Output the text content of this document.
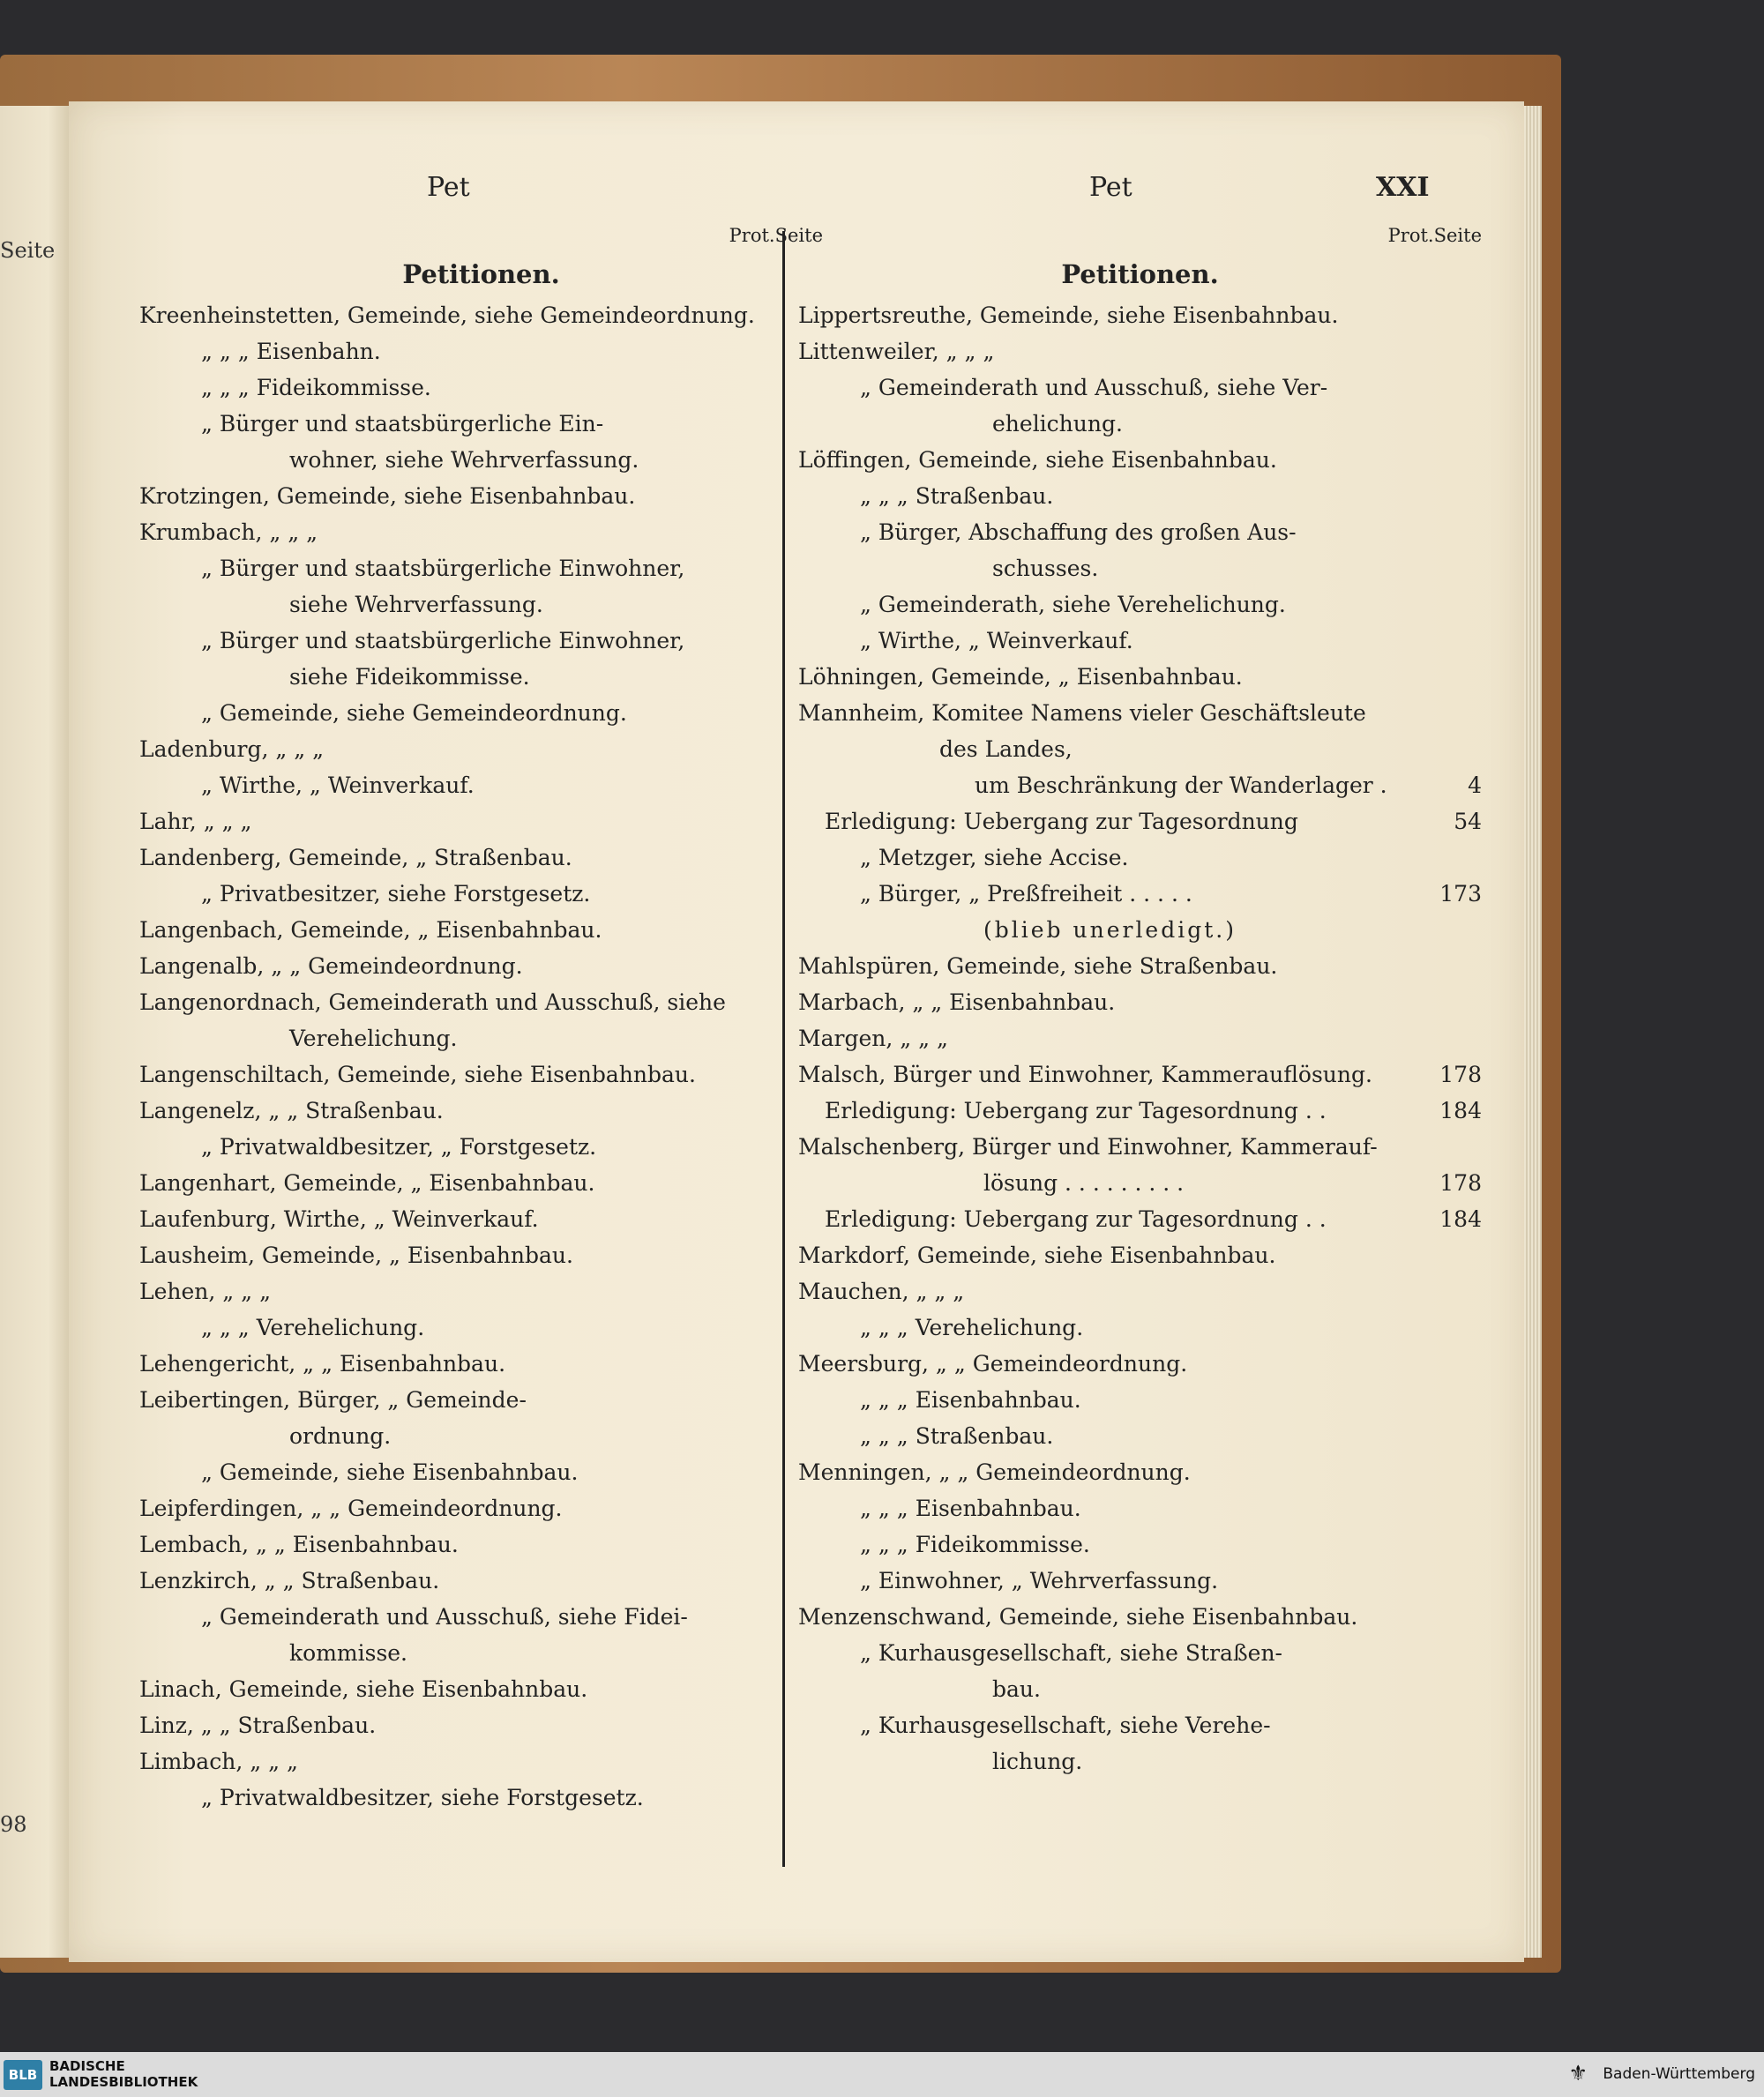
Seite
98
Pet	Pet	XXI
Prot.Seite
Petitionen.
Kreenheinstetten, Gemeinde, siehe Gemeindeordnung.
„ „ „ Eisenbahn.
„ „ „ Fideikommisse.
„ Bürger und staatsbürgerliche Ein-
wohner, siehe Wehrverfassung.
Krotzingen, Gemeinde, siehe Eisenbahnbau.
Krumbach, „ „ „
„ Bürger und staatsbürgerliche Einwohner,
siehe Wehrverfassung.
„ Bürger und staatsbürgerliche Einwohner,
siehe Fideikommisse.
„ Gemeinde, siehe Gemeindeordnung.
Ladenburg, „ „ „
„ Wirthe, „ Weinverkauf.
Lahr, „ „ „
Landenberg, Gemeinde, „ Straßenbau.
„ Privatbesitzer, siehe Forstgesetz.
Langenbach, Gemeinde, „ Eisenbahnbau.
Langenalb, „ „ Gemeindeordnung.
Langenordnach, Gemeinderath und Ausschuß, siehe
Verehelichung.
Langenschiltach, Gemeinde, siehe Eisenbahnbau.
Langenelz, „ „ Straßenbau.
„ Privatwaldbesitzer, „ Forstgesetz.
Langenhart, Gemeinde, „ Eisenbahnbau.
Laufenburg, Wirthe, „ Weinverkauf.
Lausheim, Gemeinde, „ Eisenbahnbau.
Lehen, „ „ „
„ „ „ Verehelichung.
Lehengericht, „ „ Eisenbahnbau.
Leibertingen, Bürger, „ Gemeinde-
ordnung.
„ Gemeinde, siehe Eisenbahnbau.
Leipferdingen, „ „ Gemeindeordnung.
Lembach, „ „ Eisenbahnbau.
Lenzkirch, „ „ Straßenbau.
„ Gemeinderath und Ausschuß, siehe Fidei-
kommisse.
Linach, Gemeinde, siehe Eisenbahnbau.
Linz, „ „ Straßenbau.
Limbach, „ „ „
„ Privatwaldbesitzer, siehe Forstgesetz.
Prot.Seite
Petitionen.
Lippertsreuthe, Gemeinde, siehe Eisenbahnbau.
Littenweiler, „ „ „
„ Gemeinderath und Ausschuß, siehe Ver-
ehelichung.
Löffingen, Gemeinde, siehe Eisenbahnbau.
„ „ „ Straßenbau.
„ Bürger, Abschaffung des großen Aus-
schusses.
„ Gemeinderath, siehe Verehelichung.
„ Wirthe, „ Weinverkauf.
Löhningen, Gemeinde, „ Eisenbahnbau.
Mannheim, Komitee Namens vieler Geschäftsleute
des Landes,
um Beschränkung der Wanderlager .	4
Erledigung: Uebergang zur Tagesordnung	54
„ Metzger, siehe Accise.
„ Bürger, „ Preßfreiheit . . . . .	173
(blieb unerledigt.)
Mahlspüren, Gemeinde, siehe Straßenbau.
Marbach, „ „ Eisenbahnbau.
Margen, „ „ „
Malsch, Bürger und Einwohner, Kammerauflösung.	178
Erledigung: Uebergang zur Tagesordnung . .	184
Malschenberg, Bürger und Einwohner, Kammerauf-
lösung . . . . . . . . .	178
Erledigung: Uebergang zur Tagesordnung . .	184
Markdorf, Gemeinde, siehe Eisenbahnbau.
Mauchen, „ „ „
„ „ „ Verehelichung.
Meersburg, „ „ Gemeindeordnung.
„ „ „ Eisenbahnbau.
„ „ „ Straßenbau.
Menningen, „ „ Gemeindeordnung.
„ „ „ Eisenbahnbau.
„ „ „ Fideikommisse.
„ Einwohner, „ Wehrverfassung.
Menzenschwand, Gemeinde, siehe Eisenbahnbau.
„ Kurhausgesellschaft, siehe Straßen-
bau.
„ Kurhausgesellschaft, siehe Verehe-
lichung.
BLB
BADISCHE
LANDESBIBLIOTHEK	⚜ Baden-Württemberg
